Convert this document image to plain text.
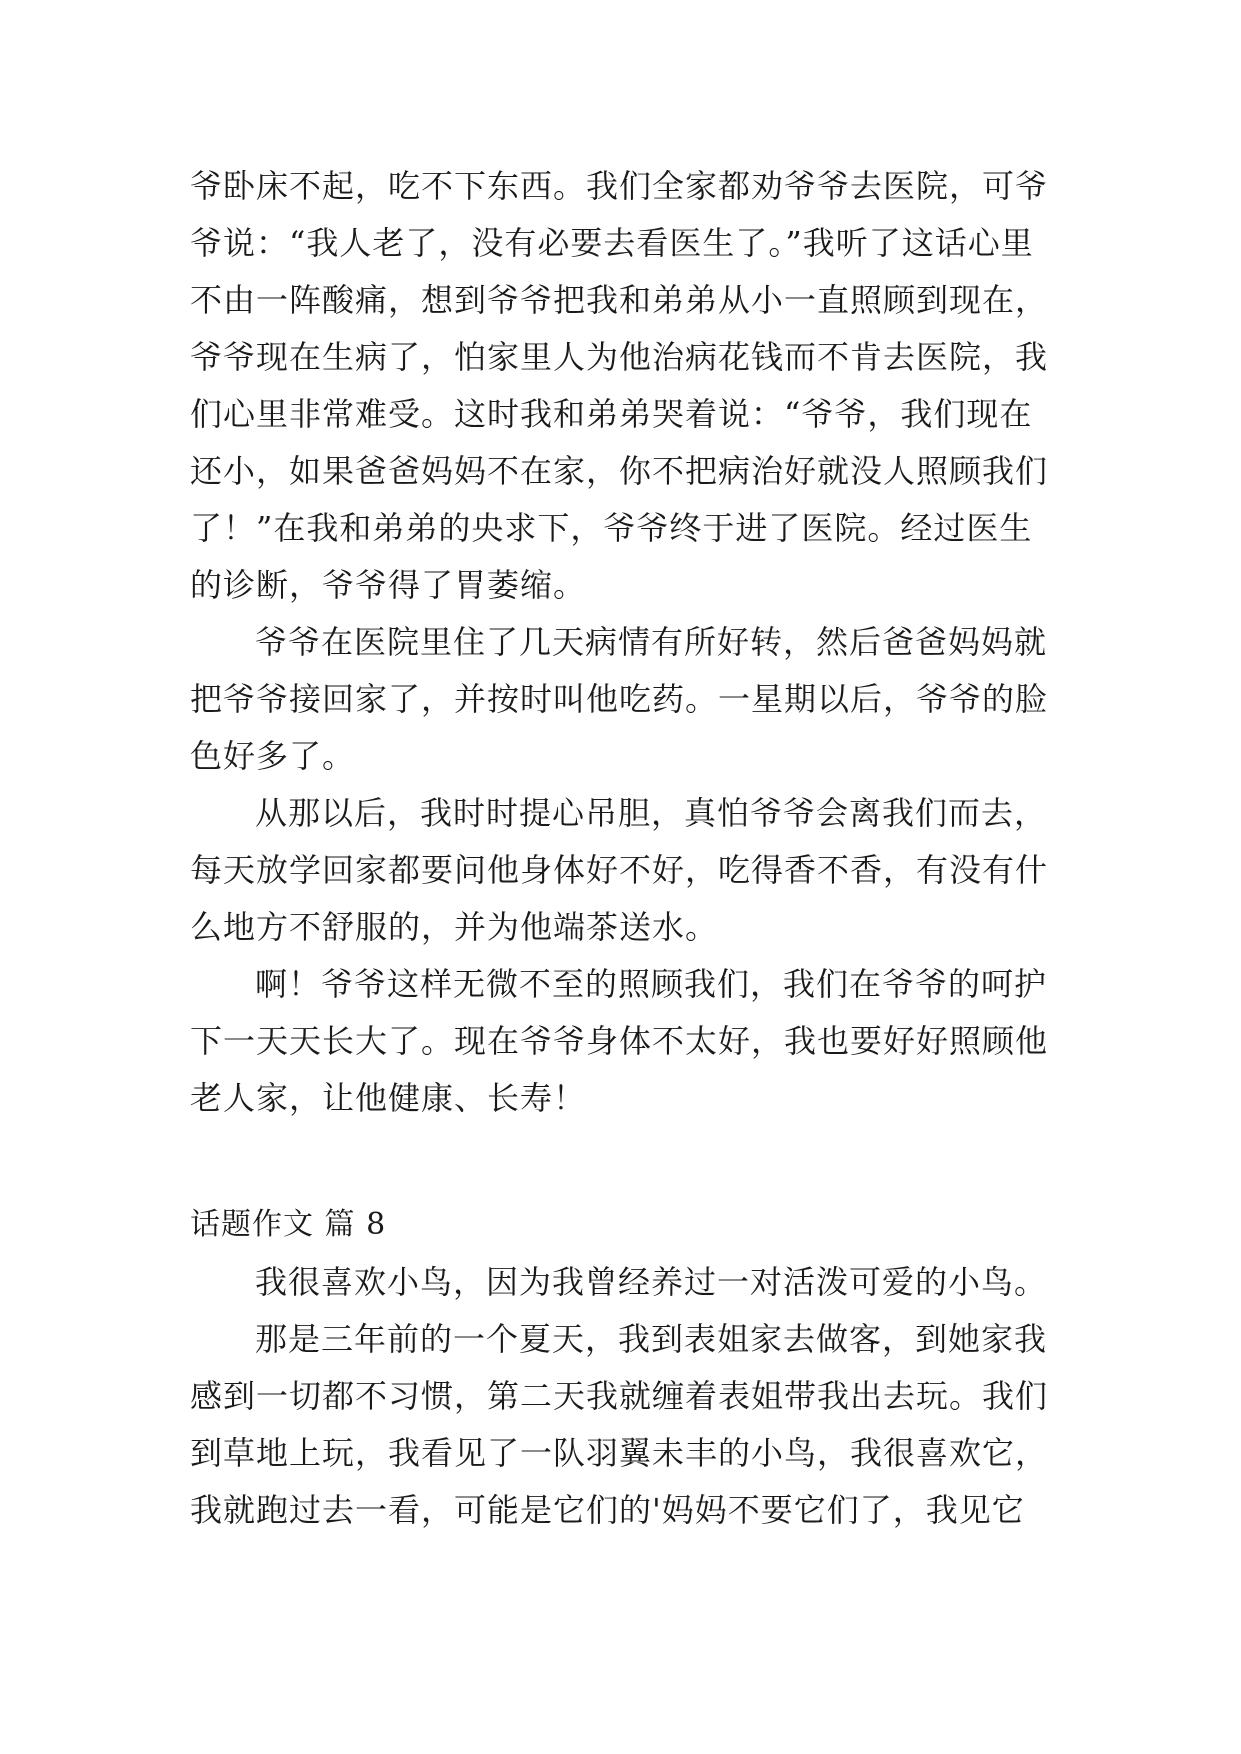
爷卧床不起，吃不下东西。我们全家都劝爷爷去医院，可爷
爷说：“我人老了，没有必要去看医生了。”我听了这话心里
不由一阵酸痛，想到爷爷把我和弟弟从小一直照顾到现在，
爷爷现在生病了，怕家里人为他治病花钱而不肯去医院，我
们心里非常难受。这时我和弟弟哭着说：“爷爷，我们现在
还小，如果爸爸妈妈不在家，你不把病治好就没人照顾我们
了！”在我和弟弟的央求下，爷爷终于进了医院。经过医生
的诊断，爷爷得了胃萎缩。
爷爷在医院里住了几天病情有所好转，然后爸爸妈妈就
把爷爷接回家了，并按时叫他吃药。一星期以后，爷爷的脸
色好多了。
从那以后，我时时提心吊胆，真怕爷爷会离我们而去，
每天放学回家都要问他身体好不好，吃得香不香，有没有什
么地方不舒服的，并为他端茶送水。
啊！爷爷这样无微不至的照顾我们，我们在爷爷的呵护
下一天天长大了。现在爷爷身体不太好，我也要好好照顾他
老人家，让他健康、长寿！
话题作文 篇 8
我很喜欢小鸟，因为我曾经养过一对活泼可爱的小鸟。
那是三年前的一个夏天，我到表姐家去做客，到她家我
感到一切都不习惯，第二天我就缠着表姐带我出去玩。我们
到草地上玩，我看见了一队羽翼未丰的小鸟，我很喜欢它，
我就跑过去一看，可能是它们的'妈妈不要它们了，我见它
